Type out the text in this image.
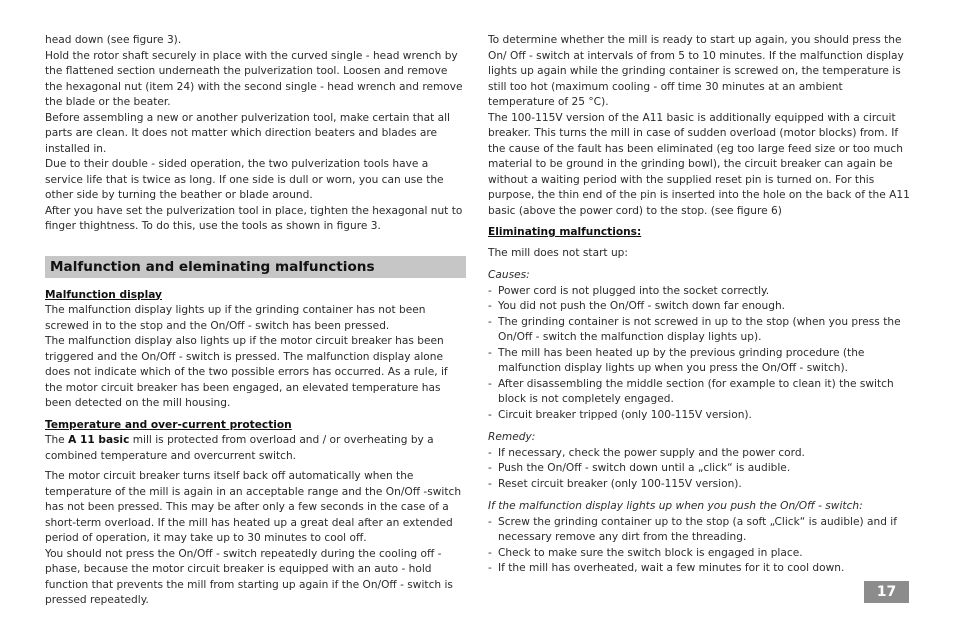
head down (see figure 3).

Hold the rotor shaft securely in place with the curved single - head wrench by the flattened section underneath the pulverization tool. Loosen and remove the hexagonal nut (item 24) with the second single - head wrench and remove the blade or the beater.

Before assembling a new or another pulverization tool, make certain that all parts are clean. It does not matter which direction beaters and blades are installed in.

Due to their double - sided operation, the two pulverization tools have a service life that is twice as long. If one side is dull or worn, you can use the other side by turning the beather or blade around.

After you have set the pulverization tool in place, tighten the hexagonal nut to finger thightness. To do this, use the tools as shown in figure 3.

Malfunction and eleminating malfunctions

Malfunction display

The malfunction display lights up if the grinding container has not been screwed in to the stop and the On/Off - switch has been pressed.

The malfunction display also lights up if the motor circuit breaker has been triggered and the On/Off - switch is pressed. The malfunction display alone does not indicate which of the two possible errors has occurred. As a rule, if the motor circuit breaker has been engaged, an elevated temperature has been detected on the mill housing.

Temperature and over-current protection

The A 11 basic mill is protected from overload and / or overheating by a combined temperature and overcurrent switch.

The motor circuit breaker turns itself back off automatically when the temperature of the mill is again in an acceptable range and the On/Off -switch has not been pressed. This may be after only a few seconds in the case of a short-term overload. If the mill has heated up a great deal after an extended period of operation, it may take up to 30 minutes to cool off.

You should not press the On/Off - switch repeatedly during the cooling off - phase, because the motor circuit breaker is equipped with an auto - hold function that prevents the mill from starting up again if the On/Off - switch is pressed repeatedly.

To determine whether the mill is ready to start up again, you should press the On/ Off - switch at intervals of from 5 to 10 minutes. If the malfunction display lights up again while the grinding container is screwed on, the temperature is still too hot (maximum cooling - off time 30 minutes at an ambient temperature of 25 °C).

The 100-115V version of the A11 basic is additionally equipped with a circuit breaker. This turns the mill in case of sudden overload (motor blocks) from. If the cause of the fault has been eliminated (eg too large feed size or too much material to be ground in the grinding bowl), the circuit breaker can again be without a waiting period with the supplied reset pin is turned on. For this purpose, the thin end of the pin is inserted into the hole on the back of the A11 basic (above the power cord) to the stop. (see figure 6)

Eliminating malfunctions:

The mill does not start up:

Causes:

- Power cord is not plugged into the socket correctly.
- You did not push the On/Off - switch down far enough.
- The grinding container is not screwed in up to the stop (when you press the On/Off - switch the malfunction display lights up).
- The mill has been heated up by the previous grinding procedure (the malfunction display lights up when you press the On/Off - switch).
- After disassembling the middle section (for example to clean it) the switch block is not completely engaged.
- Circuit breaker tripped (only 100-115V version).

Remedy:

- If necessary, check the power supply and the power cord.
- Push the On/Off - switch down until a „click“ is audible.
- Reset circuit breaker (only 100-115V version).

If the malfunction display lights up when you push the On/Off - switch:

- Screw the grinding container up to the stop (a soft „Click“ is audible) and if necessary remove any dirt from the threading.
- Check to make sure the switch block is engaged in place.
- If the mill has overheated, wait a few minutes for it to cool down.
17
